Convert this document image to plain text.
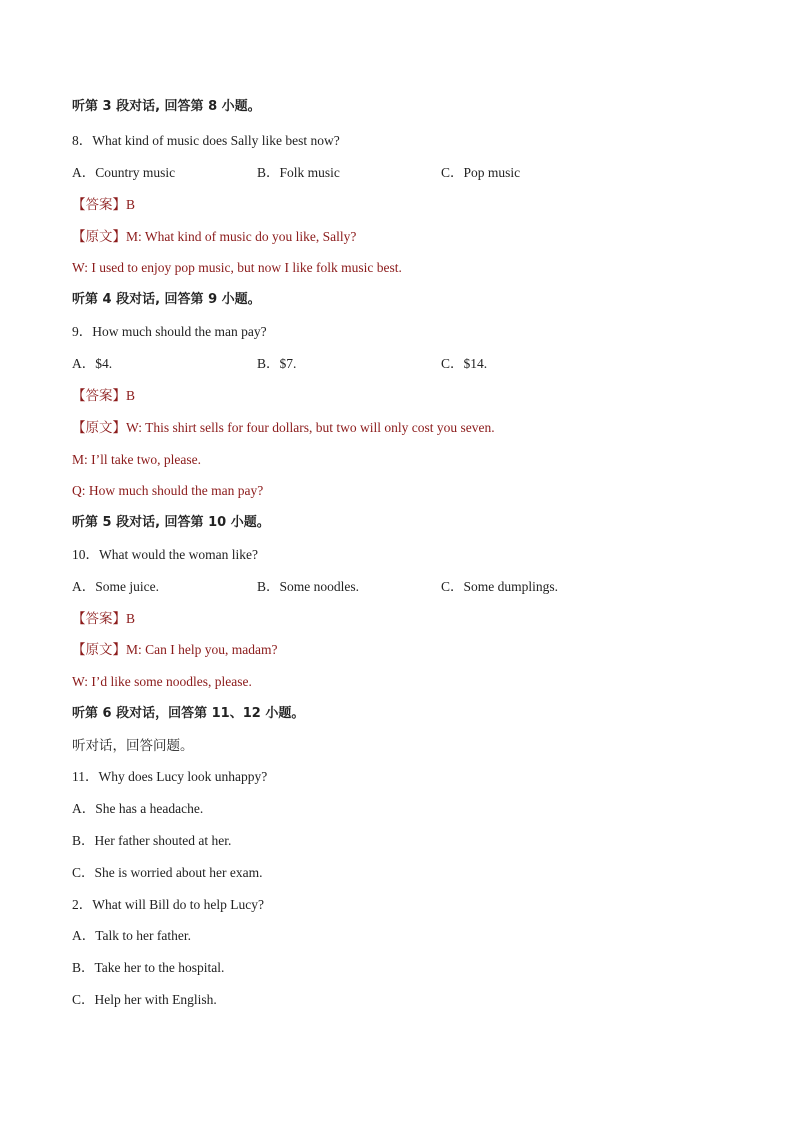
听第 3 段对话, 回答第 8 小题。
8．What kind of music does Sally like best now?
A．Country music	B．Folk music	C．Pop music
【答案】B
【原文】M: What kind of music do you like, Sally?
W: I used to enjoy pop music, but now I like folk music best.
听第 4 段对话, 回答第 9 小题。
9．How much should the man pay?
A．$4.	B．$7.	C．$14.
【答案】B
【原文】W: This shirt sells for four dollars, but two will only cost you seven.
M: I’ll take two, please.
Q: How much should the man pay?
听第 5 段对话, 回答第 10 小题。
10．What would the woman like?
A．Some juice.	B．Some noodles.	C．Some dumplings.
【答案】B
【原文】M: Can I help you, madam?
W: I’d like some noodles, please.
听第 6 段对话，回答第 11、12 小题。
听对话，回答问题。
11．Why does Lucy look unhappy?
A．She has a headache.
B．Her father shouted at her.
C．She is worried about her exam.
2．What will Bill do to help Lucy?
A．Talk to her father.
B．Take her to the hospital.
C．Help her with English.
